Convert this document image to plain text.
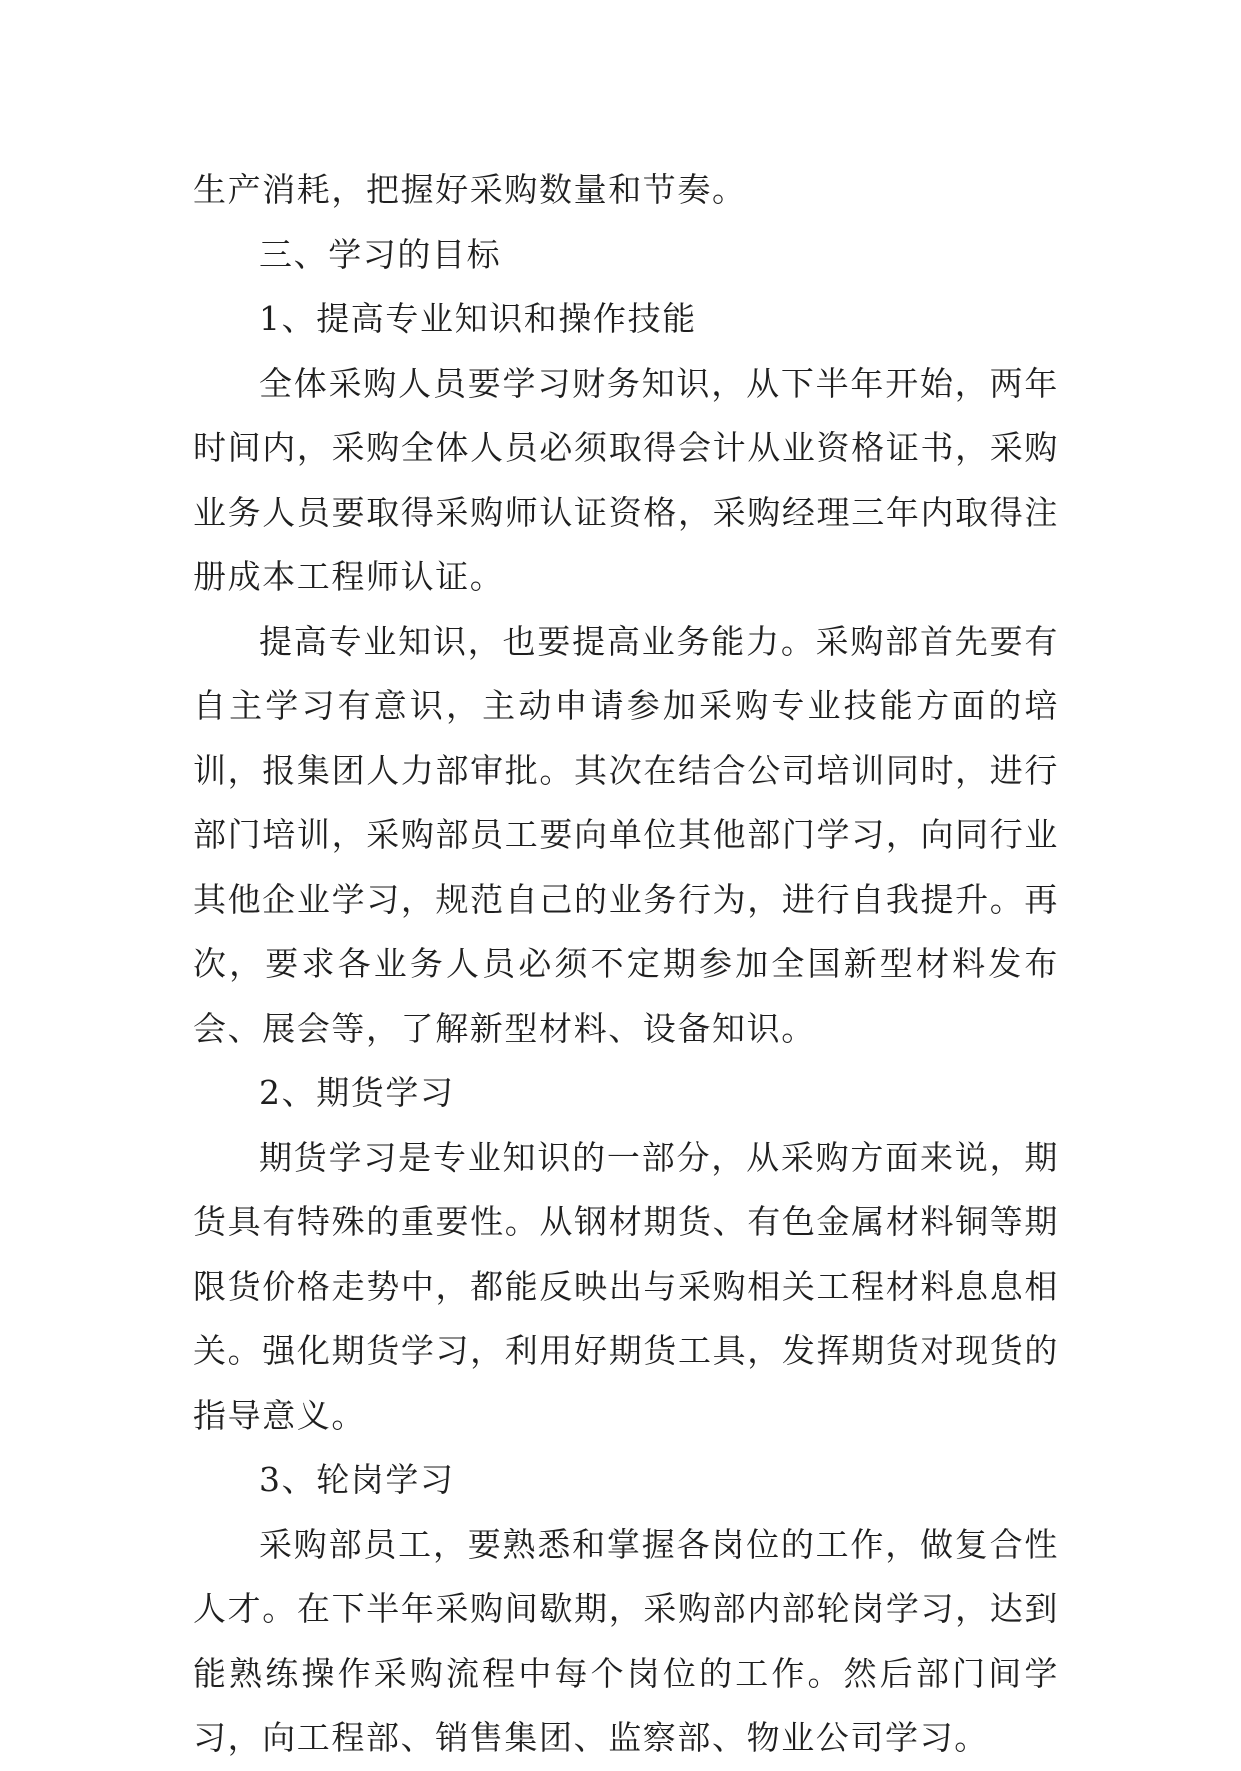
生产消耗，把握好采购数量和节奏。

三、学习的目标

1、提高专业知识和操作技能

全体采购人员要学习财务知识，从下半年开始，两年时间内，采购全体人员必须取得会计从业资格证书，采购业务人员要取得采购师认证资格，采购经理三年内取得注册成本工程师认证。

提高专业知识，也要提高业务能力。采购部首先要有自主学习有意识，主动申请参加采购专业技能方面的培训，报集团人力部审批。其次在结合公司培训同时，进行部门培训，采购部员工要向单位其他部门学习，向同行业其他企业学习，规范自己的业务行为，进行自我提升。再次，要求各业务人员必须不定期参加全国新型材料发布会、展会等，了解新型材料、设备知识。

2、期货学习

期货学习是专业知识的一部分，从采购方面来说，期货具有特殊的重要性。从钢材期货、有色金属材料铜等期限货价格走势中，都能反映出与采购相关工程材料息息相关。强化期货学习，利用好期货工具，发挥期货对现货的指导意义。

3、轮岗学习

采购部员工，要熟悉和掌握各岗位的工作，做复合性人才。在下半年采购间歇期，采购部内部轮岗学习，达到能熟练操作采购流程中每个岗位的工作。然后部门间学习，向工程部、销售集团、监察部、物业公司学习。
